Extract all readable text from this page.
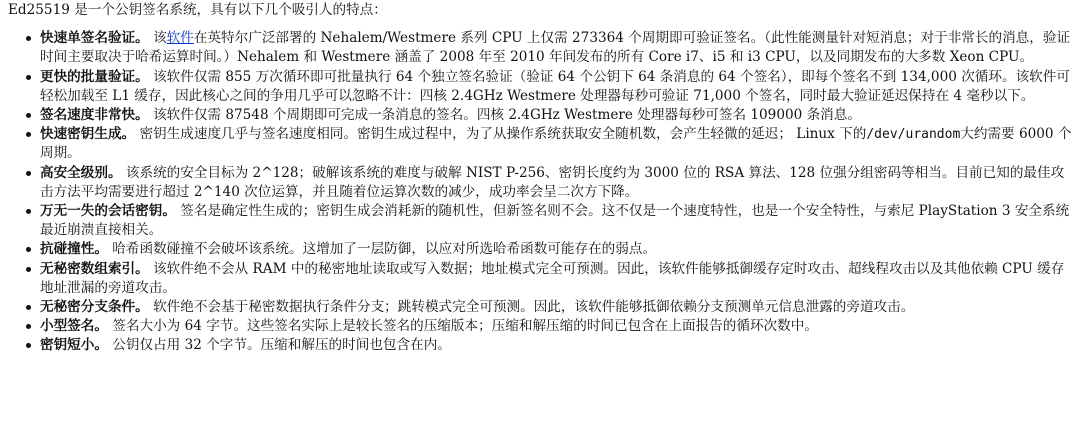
Ed25519 是一个公钥签名系统，具有以下几个吸引人的特点：

快速单签名验证。 该软件在英特尔广泛部署的 Nehalem/Westmere 系列 CPU 上仅需 273364 个周期即可验证签名。（此性能测量针对短消息；对于非常长的消息，验证时间主要取决于哈希运算时间。）Nehalem 和 Westmere 涵盖了 2008 年至 2010 年间发布的所有 Core i7、i5 和 i3 CPU，以及同期发布的大多数 Xeon CPU。
更快的批量验证。 该软件仅需 855 万次循环即可批量执行 64 个独立签名验证（验证 64 个公钥下 64 条消息的 64 个签名），即每个签名不到 134,000 次循环。该软件可轻松加载至 L1 缓存，因此核心之间的争用几乎可以忽略不计：四核 2.4GHz Westmere 处理器每秒可验证 71,000 个签名，同时最大验证延迟保持在 4 毫秒以下。
签名速度非常快。 该软件仅需 87548 个周期即可完成一条消息的签名。四核 2.4GHz Westmere 处理器每秒可签名 109000 条消息。
快速密钥生成。 密钥生成速度几乎与签名速度相同。密钥生成过程中，为了从操作系统获取安全随机数，会产生轻微的延迟； Linux 下的/dev/urandom大约需要 6000 个周期。
高安全级别。 该系统的安全目标为 2^128；破解该系统的难度与破解 NIST P-256、密钥长度约为 3000 位的 RSA 算法、128 位强分组密码等相当。目前已知的最佳攻击方法平均需要进行超过 2^140 次位运算，并且随着位运算次数的减少，成功率会呈二次方下降。
万无一失的会话密钥。 签名是确定性生成的；密钥生成会消耗新的随机性，但新签名则不会。这不仅是一个速度特性，也是一个安全特性，与索尼 PlayStation 3 安全系统最近崩溃直接相关。
抗碰撞性。 哈希函数碰撞不会破坏该系统。这增加了一层防御，以应对所选哈希函数可能存在的弱点。
无秘密数组索引。 该软件绝不会从 RAM 中的秘密地址读取或写入数据；地址模式完全可预测。因此，该软件能够抵御缓存定时攻击、超线程攻击以及其他依赖 CPU 缓存地址泄漏的旁道攻击。
无秘密分支条件。 软件绝不会基于秘密数据执行条件分支；跳转模式完全可预测。因此，该软件能够抵御依赖分支预测单元信息泄露的旁道攻击。
小型签名。 签名大小为 64 字节。这些签名实际上是较长签名的压缩版本；压缩和解压缩的时间已包含在上面报告的循环次数中。
密钥短小。 公钥仅占用 32 个字节。压缩和解压的时间也包含在内。
